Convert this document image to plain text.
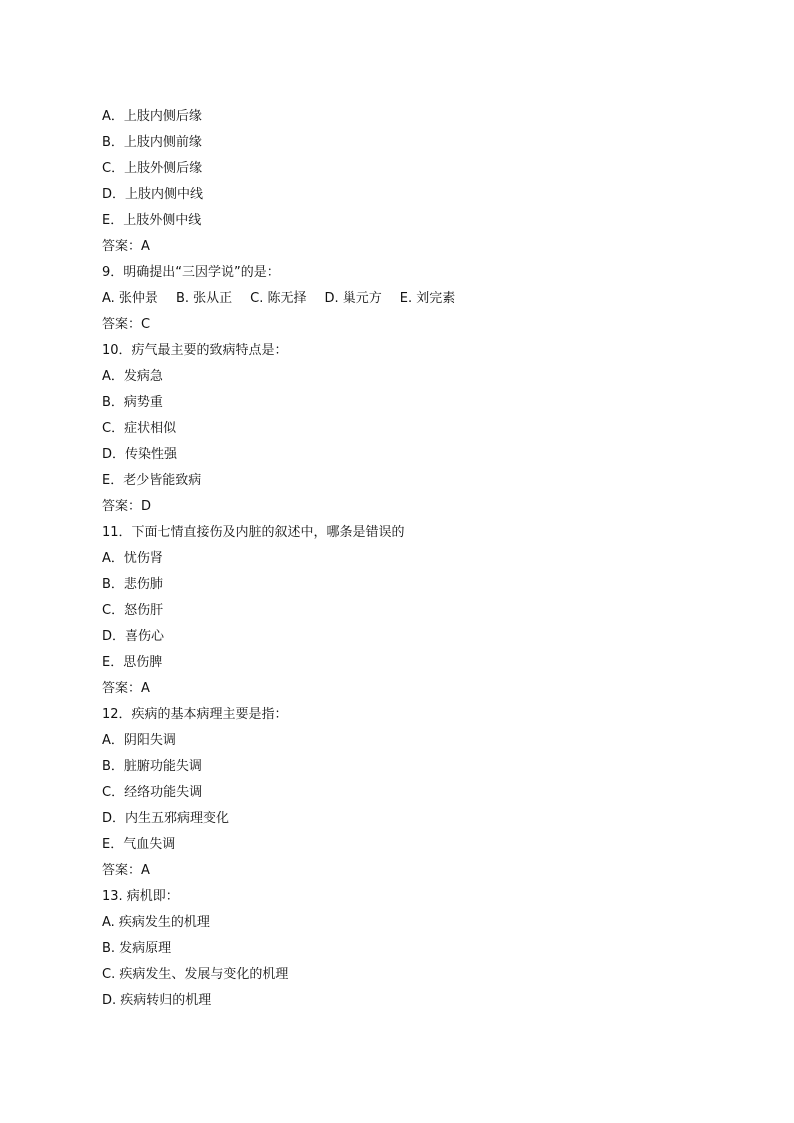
A．上肢内侧后缘
B．上肢内侧前缘
C．上肢外侧后缘
D．上肢内侧中线
E．上肢外侧中线
答案：A
9．明确提出“三因学说”的是：
A. 张仲景 B. 张从正 C. 陈无择 D. 巢元方 E. 刘完素
答案：C
10．疠气最主要的致病特点是：
A．发病急
B．病势重
C．症状相似
D．传染性强
E．老少皆能致病
答案：D
11．下面七情直接伤及内脏的叙述中，哪条是错误的
A．忧伤肾
B．悲伤肺
C．怒伤肝
D．喜伤心
E．思伤脾
答案：A
12．疾病的基本病理主要是指：
A．阴阳失调
B．脏腑功能失调
C．经络功能失调
D．内生五邪病理变化
E．气血失调
答案：A
13. 病机即：
A. 疾病发生的机理
B. 发病原理
C. 疾病发生、发展与变化的机理
D. 疾病转归的机理
